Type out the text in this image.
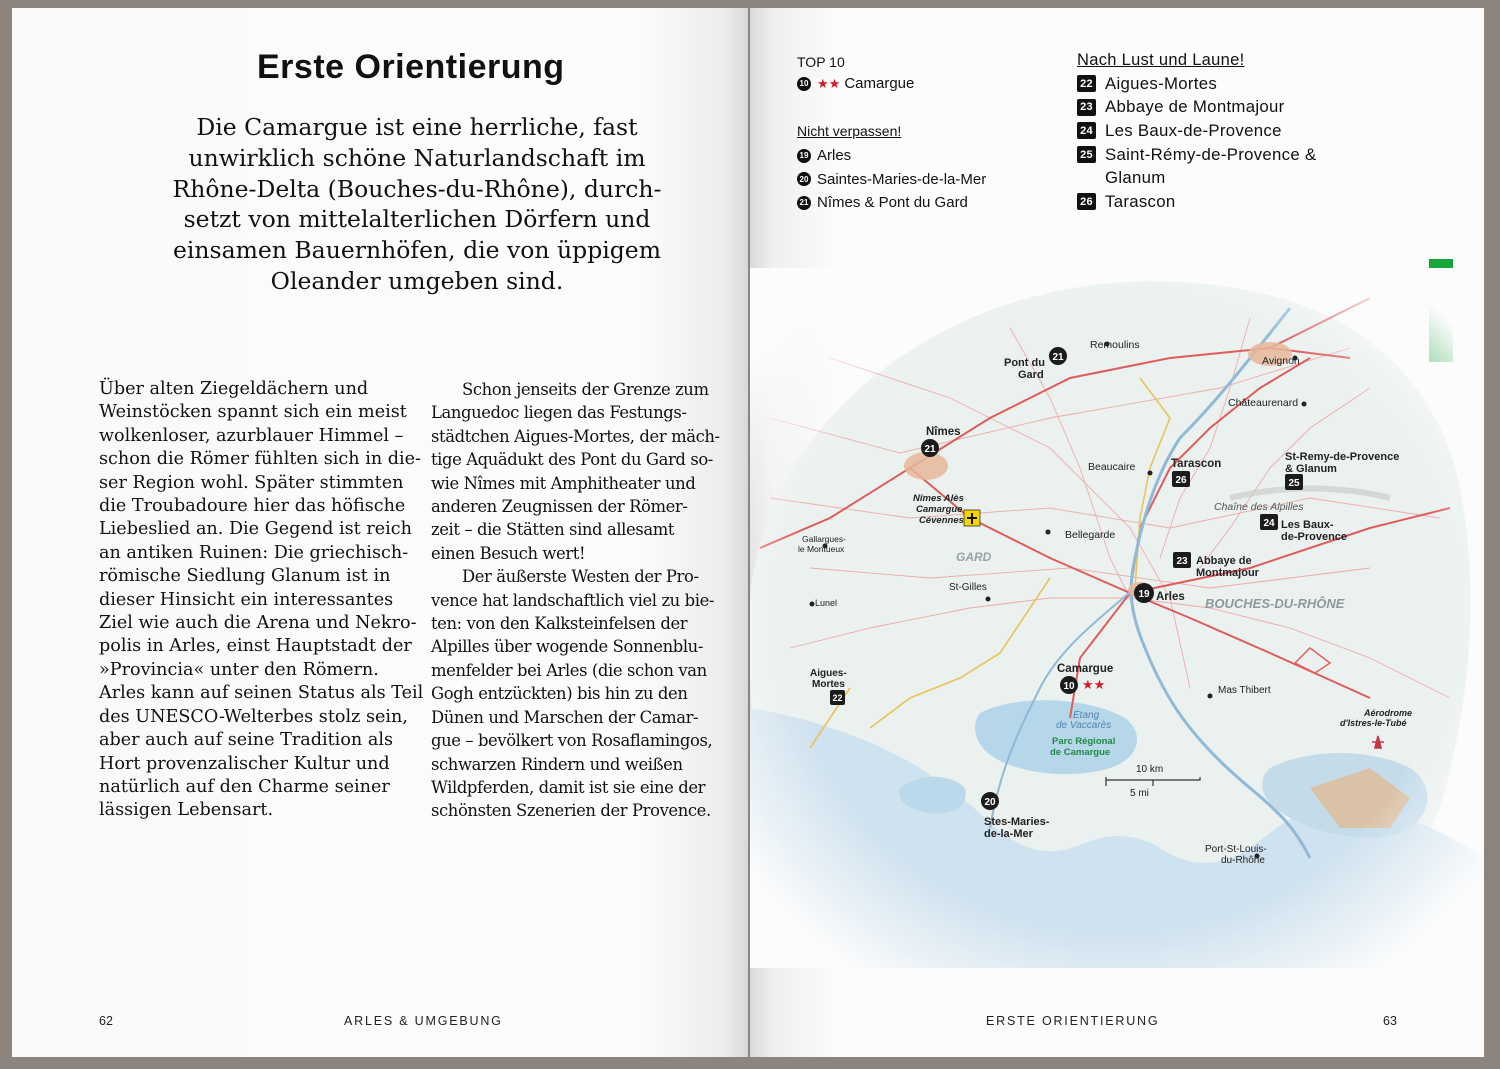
Erste Orientierung
Die Camargue ist eine herrliche, fast
unwirklich schöne Naturlandschaft im
Rhône-Delta (Bouches-du-Rhône), durch-
setzt von mittelalterlichen Dörfern und
einsamen Bauernhöfen, die von üppigem
Oleander umgeben sind.
Über alten Ziegeldächern und
Weinstöcken spannt sich ein meist
wolkenloser, azurblauer Himmel –
schon die Römer fühlten sich in die-
ser Region wohl. Später stimmten
die Troubadoure hier das höfische
Liebeslied an. Die Gegend ist reich
an antiken Ruinen: Die griechisch-
römische Siedlung Glanum ist in
dieser Hinsicht ein interessantes
Ziel wie auch die Arena und Nekro-
polis in Arles, einst Hauptstadt der
»Provincia« unter den Römern.
Arles kann auf seinen Status als Teil
des UNESCO-Welterbes stolz sein,
aber auch auf seine Tradition als
Hort provenzalischer Kultur und
natürlich auf den Charme seiner
lässigen Lebensart.
Schon jenseits der Grenze zum
Languedoc liegen das Festungs-
städtchen Aigues-Mortes, der mäch-
tige Aquädukt des Pont du Gard so-
wie Nîmes mit Amphitheater und
anderen Zeugnissen der Römer-
zeit – die Stätten sind allesamt
einen Besuch wert!
Der äußerste Westen der Pro-
vence hat landschaftlich viel zu bie-
ten: von den Kalksteinfelsen der
Alpilles über wogende Sonnenblu-
menfelder bei Arles (die schon van
Gogh entzückten) bis hin zu den
Dünen und Marschen der Camar-
gue – bevölkert von Rosaflamingos,
schwarzen Rindern und weißen
Wildpferden, damit ist sie eine der
schönsten Szenerien der Provence.
62	ARLES & UMGEBUNG
TOP 10
10 ★★ Camargue
Nicht verpassen!
19 Arles
20 Saintes-Maries-de-la-Mer
21 Nîmes & Pont du Gard
Nach Lust und Laune!
22 Aigues-Mortes
23 Abbaye de Montmajour
24 Les Baux-de-Provence
25 Saint-Rémy-de-Provence &
Glanum
26 Tarascon
ERSTE ORIENTIERUNG	63
